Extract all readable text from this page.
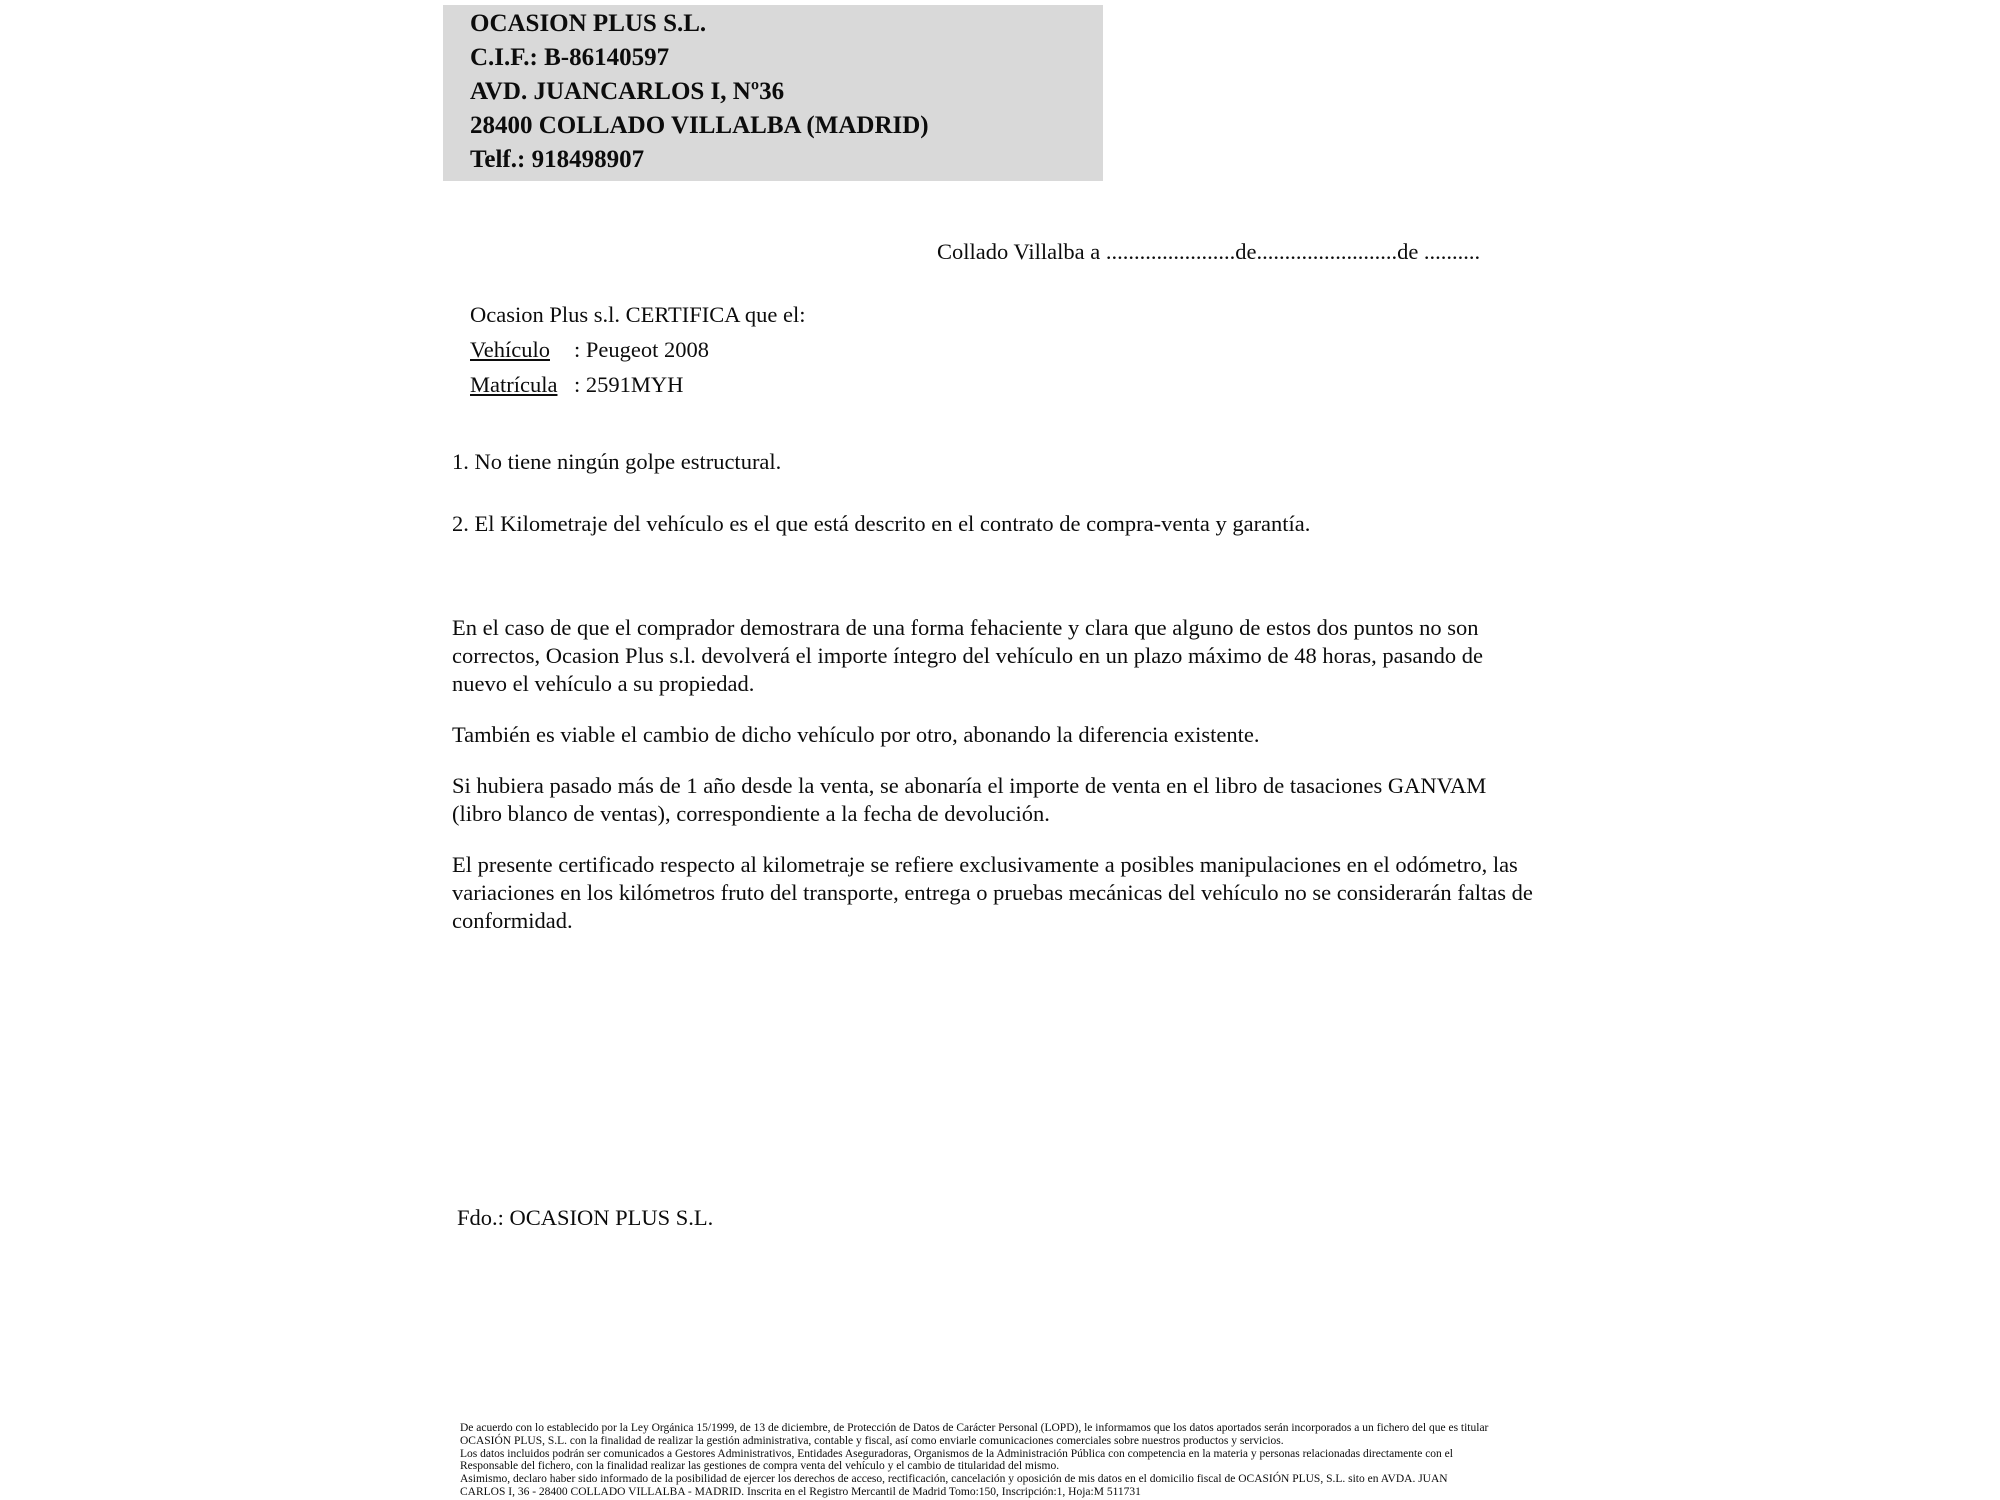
OCASION PLUS S.L.
C.I.F.: B-86140597
AVD. JUANCARLOS I, Nº36
28400 COLLADO VILLALBA (MADRID)
Telf.: 918498907
Collado Villalba a .......................de.........................de ..........
Ocasion Plus s.l. CERTIFICA que el:
Vehículo : Peugeot 2008
Matrícula : 2591MYH
1. No tiene ningún golpe estructural.
2. El Kilometraje del vehículo es el que está descrito en el contrato de compra-venta y garantía.

En el caso de que el comprador demostrara de una forma fehaciente y clara que alguno de estos dos puntos no son correctos, Ocasion Plus s.l. devolverá el importe íntegro del vehículo en un plazo máximo de 48 horas, pasando de nuevo el vehículo a su propiedad.

También es viable el cambio de dicho vehículo por otro, abonando la diferencia existente.

Si hubiera pasado más de 1 año desde la venta, se abonaría el importe de venta en el libro de tasaciones GANVAM (libro blanco de ventas), correspondiente a la fecha de devolución.

El presente certificado respecto al kilometraje se refiere exclusivamente a posibles manipulaciones en el odómetro, las variaciones en los kilómetros fruto del transporte, entrega o pruebas mecánicas del vehículo no se considerarán faltas de conformidad.

Fdo.: OCASION PLUS S.L.
De acuerdo con lo establecido por la Ley Orgánica 15/1999, de 13 de diciembre, de Protección de Datos de Carácter Personal (LOPD), le informamos que los datos aportados serán incorporados a un fichero del que es titular
OCASIÓN PLUS, S.L. con la finalidad de realizar la gestión administrativa, contable y fiscal, así como enviarle comunicaciones comerciales sobre nuestros productos y servicios.
Los datos incluidos podrán ser comunicados a Gestores Administrativos, Entidades Aseguradoras, Organismos de la Administración Pública con competencia en la materia y personas relacionadas directamente con el
Responsable del fichero, con la finalidad realizar las gestiones de compra venta del vehículo y el cambio de titularidad del mismo.
Asimismo, declaro haber sido informado de la posibilidad de ejercer los derechos de acceso, rectificación, cancelación y oposición de mis datos en el domicilio fiscal de OCASIÓN PLUS, S.L. sito en AVDA. JUAN
CARLOS I, 36 - 28400 COLLADO VILLALBA - MADRID. Inscrita en el Registro Mercantil de Madrid Tomo:150, Inscripción:1, Hoja:M 511731
